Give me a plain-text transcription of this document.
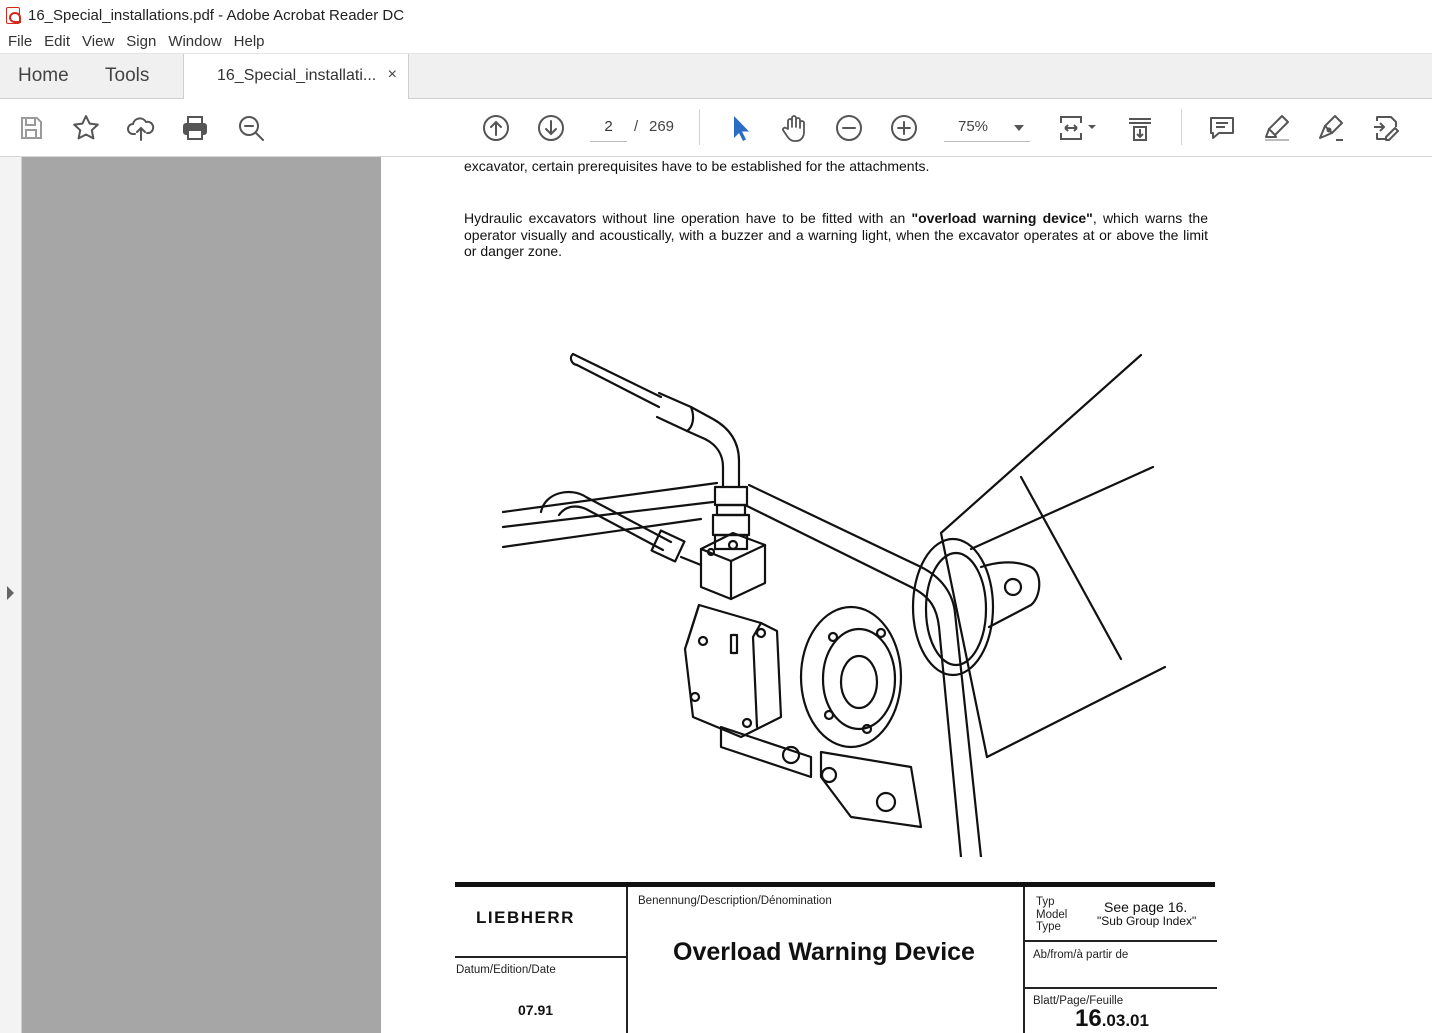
16_Special_installations.pdf - Adobe Acrobat Reader DC
File Edit View Sign Window Help
Home Tools	16_Special_installati... ×
2
/ 269	75%
excavator, certain prerequisites have to be established for the attachments.
Hydraulic excavators without line operation have to be fitted with an "overload warning device", which warns the operator visually and acoustically, with a buzzer and a warning light, when the excavator operates at or above the limit or danger zone.
LIEBHERR
Benennung/Description/Dénomination
Overload Warning Device
Datum/Edition/Date
07.91
Typ
Model
Type
See page 16.
"Sub Group Index"
Ab/from/à partir de
Blatt/Page/Feuille
16.03.01
